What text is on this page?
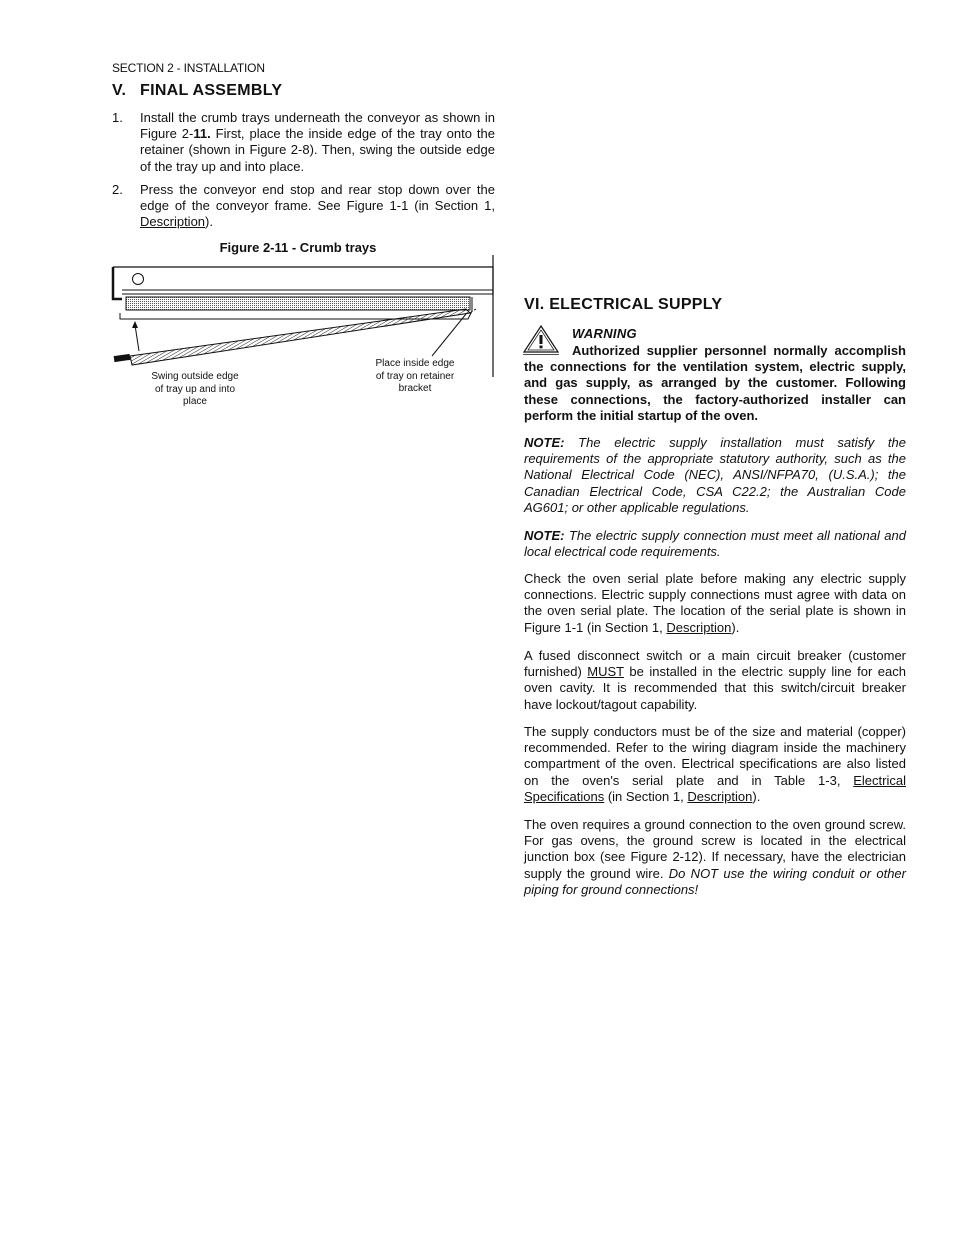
SECTION 2 - INSTALLATION
V. FINAL ASSEMBLY
1. Install the crumb trays underneath the conveyor as shown in Figure 2-11. First, place the inside edge of the tray onto the retainer (shown in Figure 2-8). Then, swing the outside edge of the tray up and into place.
2. Press the conveyor end stop and rear stop down over the edge of the conveyor frame. See Figure 1-1 (in Section 1, Description).
Figure 2-11 - Crumb trays
Swing outside edge of tray up and into place
Place inside edge of tray on retainer bracket
VI. ELECTRICAL SUPPLY
WARNING
Authorized supplier personnel normally accomplish the connections for the ventilation system, electric supply, and gas supply, as arranged by the customer. Following these connections, the factory-authorized installer can perform the initial startup of the oven.
NOTE: The electric supply installation must satisfy the requirements of the appropriate statutory authority, such as the National Electrical Code (NEC), ANSI/NFPA70, (U.S.A.); the Canadian Electrical Code, CSA C22.2; the Australian Code AG601; or other applicable regulations.
NOTE: The electric supply connection must meet all national and local electrical code requirements.
Check the oven serial plate before making any electric supply connections. Electric supply connections must agree with data on the oven serial plate. The location of the serial plate is shown in Figure 1-1 (in Section 1, Description).
A fused disconnect switch or a main circuit breaker (customer furnished) MUST be installed in the electric supply line for each oven cavity. It is recommended that this switch/circuit breaker have lockout/tagout capability.
The supply conductors must be of the size and material (copper) recommended. Refer to the wiring diagram inside the machinery compartment of the oven. Electrical specifications are also listed on the oven's serial plate and in Table 1-3, Electrical Specifications (in Section 1, Description).
The oven requires a ground connection to the oven ground screw. For gas ovens, the ground screw is located in the electrical junction box (see Figure 2-12). If necessary, have the electrician supply the ground wire. Do NOT use the wiring conduit or other piping for ground connections!
